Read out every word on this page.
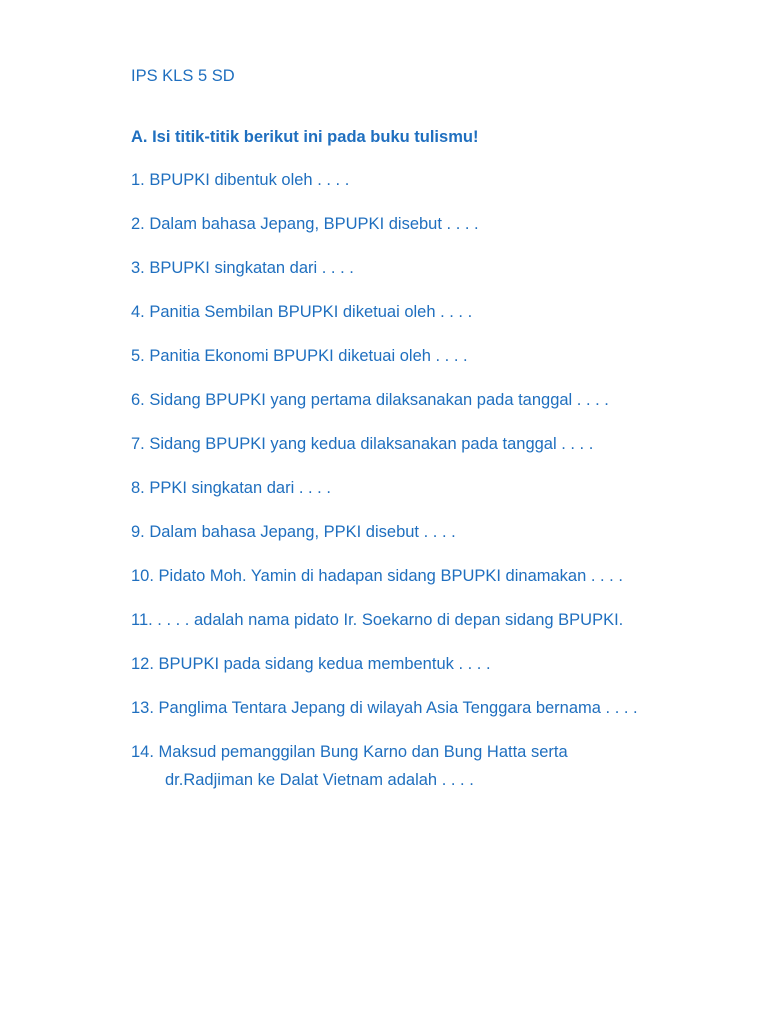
IPS KLS 5 SD
A. Isi titik-titik berikut ini pada buku tulismu!
1. BPUPKI dibentuk oleh . . . .
2. Dalam bahasa Jepang, BPUPKI disebut . . . .
3. BPUPKI singkatan dari . . . .
4. Panitia Sembilan BPUPKI diketuai oleh . . . .
5. Panitia Ekonomi BPUPKI diketuai oleh . . . .
6. Sidang BPUPKI yang pertama dilaksanakan pada tanggal . . . .
7. Sidang BPUPKI yang kedua dilaksanakan pada tanggal . . . .
8. PPKI singkatan dari . . . .
9. Dalam bahasa Jepang, PPKI disebut . . . .
10. Pidato Moh. Yamin di hadapan sidang BPUPKI dinamakan . . . .
11. . . . . adalah nama pidato Ir. Soekarno di depan sidang BPUPKI.
12. BPUPKI pada sidang kedua membentuk . . . .
13. Panglima Tentara Jepang di wilayah Asia Tenggara bernama . . . .
14. Maksud pemanggilan Bung Karno dan Bung Hatta serta dr.Radjiman ke Dalat Vietnam adalah . . . .
